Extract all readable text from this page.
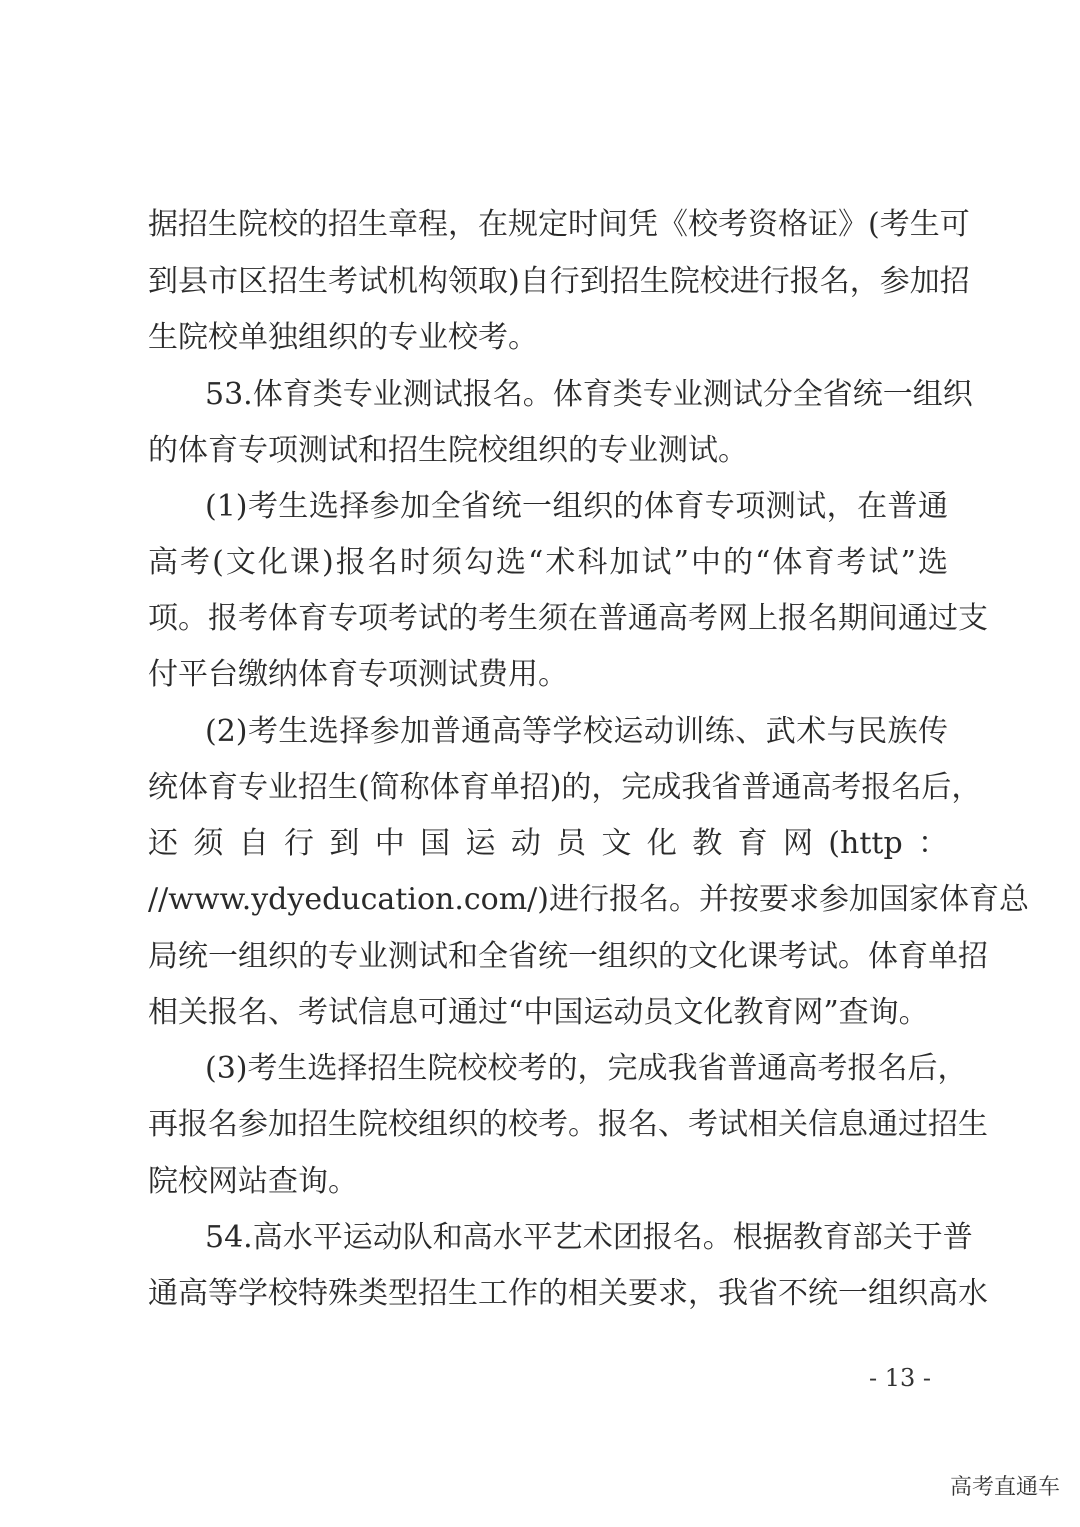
据招生院校的招生章程，在规定时间凭《校考资格证》(考生可
到县市区招生考试机构领取)自行到招生院校进行报名，参加招
生院校单独组织的专业校考。
53.体育类专业测试报名。体育类专业测试分全省统一组织
的体育专项测试和招生院校组织的专业测试。
(1)考生选择参加全省统一组织的体育专项测试，在普通
高考(文化课)报名时须勾选“术科加试”中的“体育考试”选
项。报考体育专项考试的考生须在普通高考网上报名期间通过支
付平台缴纳体育专项测试费用。
(2)考生选择参加普通高等学校运动训练、武术与民族传
统体育专业招生(简称体育单招)的，完成我省普通高考报名后，
还须自行到中国运动员文化教育网(http：
//www.ydyeducation.com/)进行报名。并按要求参加国家体育总
局统一组织的专业测试和全省统一组织的文化课考试。体育单招
相关报名、考试信息可通过“中国运动员文化教育网”查询。
(3)考生选择招生院校校考的，完成我省普通高考报名后，
再报名参加招生院校组织的校考。报名、考试相关信息通过招生
院校网站查询。
54.高水平运动队和高水平艺术团报名。根据教育部关于普
通高等学校特殊类型招生工作的相关要求，我省不统一组织高水
- 13 -
高考直通车
